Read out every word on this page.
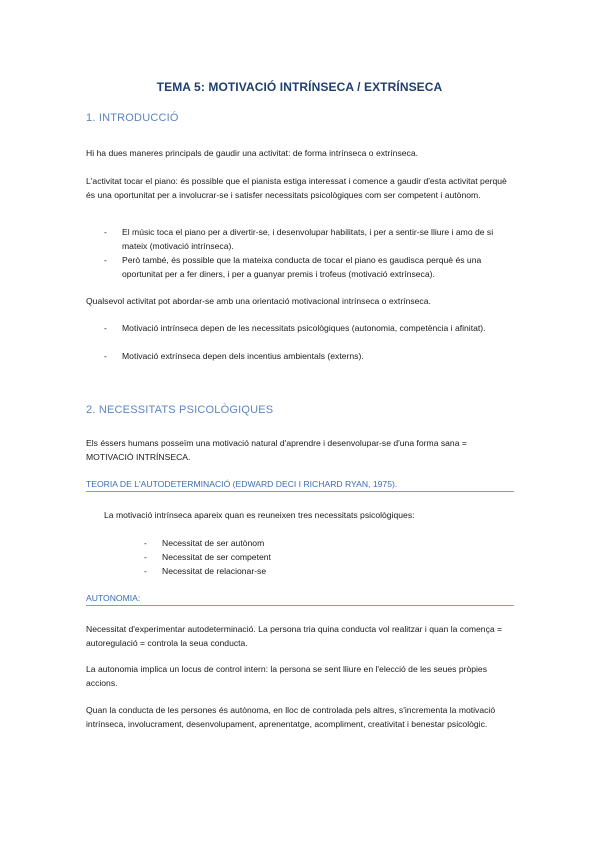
TEMA 5: MOTIVACIÓ INTRÍNSECA / EXTRÍNSECA
1. INTRODUCCIÓ
Hi ha dues maneres principals de gaudir una activitat: de forma intrínseca o extrínseca.
L'activitat tocar el piano: és possible que el pianista estiga interessat i comence a gaudir d'esta activitat perquè és una oportunitat per a involucrar-se i satisfer necessitats psicològiques com ser competent i autònom.
- El músic toca el piano per a divertir-se, i desenvolupar habilitats, i per a sentir-se lliure i amo de si mateix (motivació intrínseca).
- Però també, és possible que la mateixa conducta de tocar el piano es gaudisca perquè és una oportunitat per a fer diners, i per a guanyar premis i trofeus (motivació extrínseca).
Qualsevol activitat pot abordar-se amb una orientació motivacional intrínseca o extrínseca.
- Motivació intrínseca depen de les necessitats psicològiques (autonomia, competència i afinitat).
- Motivació extrínseca depen dels incentius ambientals (externs).
2. NECESSITATS PSICOLÒGIQUES
Els éssers humans posseïm una motivació natural d'aprendre i desenvolupar-se d'una forma sana = MOTIVACIÓ INTRÍNSECA.
TEORIA DE L'AUTODETERMINACIÓ (EDWARD DECI I RICHARD RYAN, 1975).
La motivació intrínseca apareix quan es reuneixen tres necessitats psicològiques:
- Necessitat de ser autònom
- Necessitat de ser competent
- Necessitat de relacionar-se
AUTONOMIA:
Necessitat d'experimentar autodeterminació. La persona tria quina conducta vol realitzar i quan la comença = autoregulació = controla la seua conducta.
La autonomia implica un locus de control intern: la persona se sent lliure en l'elecció de les seues pròpies accions.
Quan la conducta de les persones és autònoma, en lloc de controlada pels altres, s'incrementa la motivació intrínseca, involucrament, desenvolupament, aprenentatge, acompliment, creativitat i benestar psicològic.
